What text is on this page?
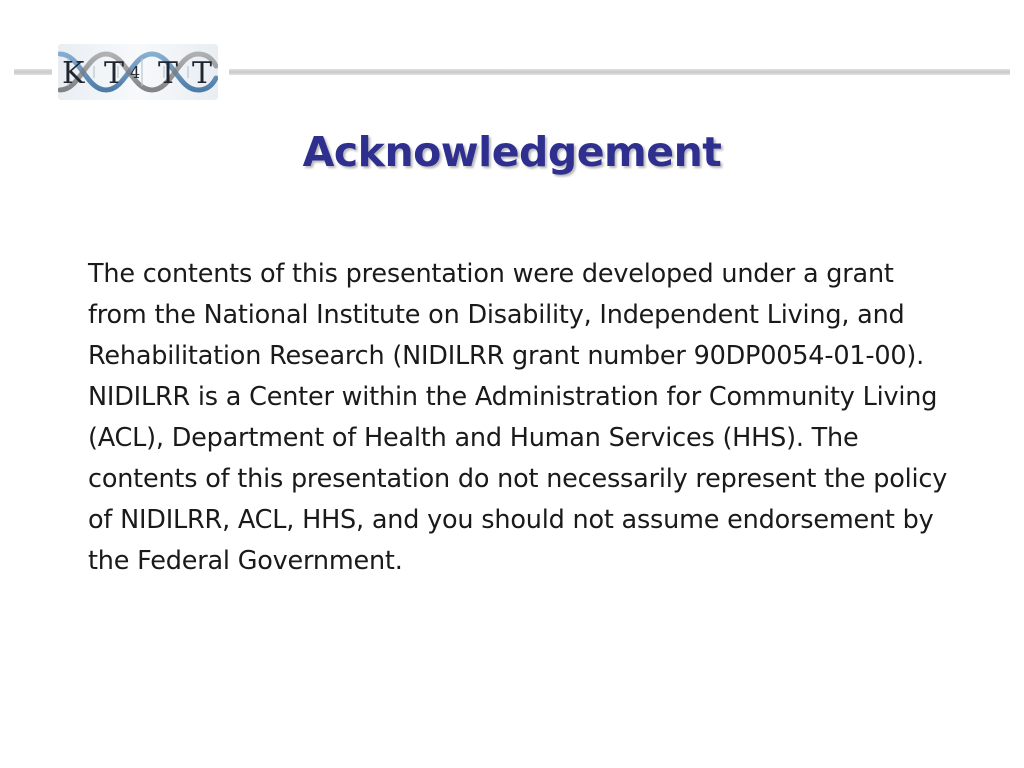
K T T T
4
Acknowledgement

The contents of this presentation were developed under a grant from the National Institute on Disability, Independent Living, and Rehabilitation Research (NIDILRR grant number 90DP0054-01-00). NIDILRR is a Center within the Administration for Community Living (ACL), Department of Health and Human Services (HHS). The contents of this presentation do not necessarily represent the policy of NIDILRR, ACL, HHS, and you should not assume endorsement by the Federal Government.
